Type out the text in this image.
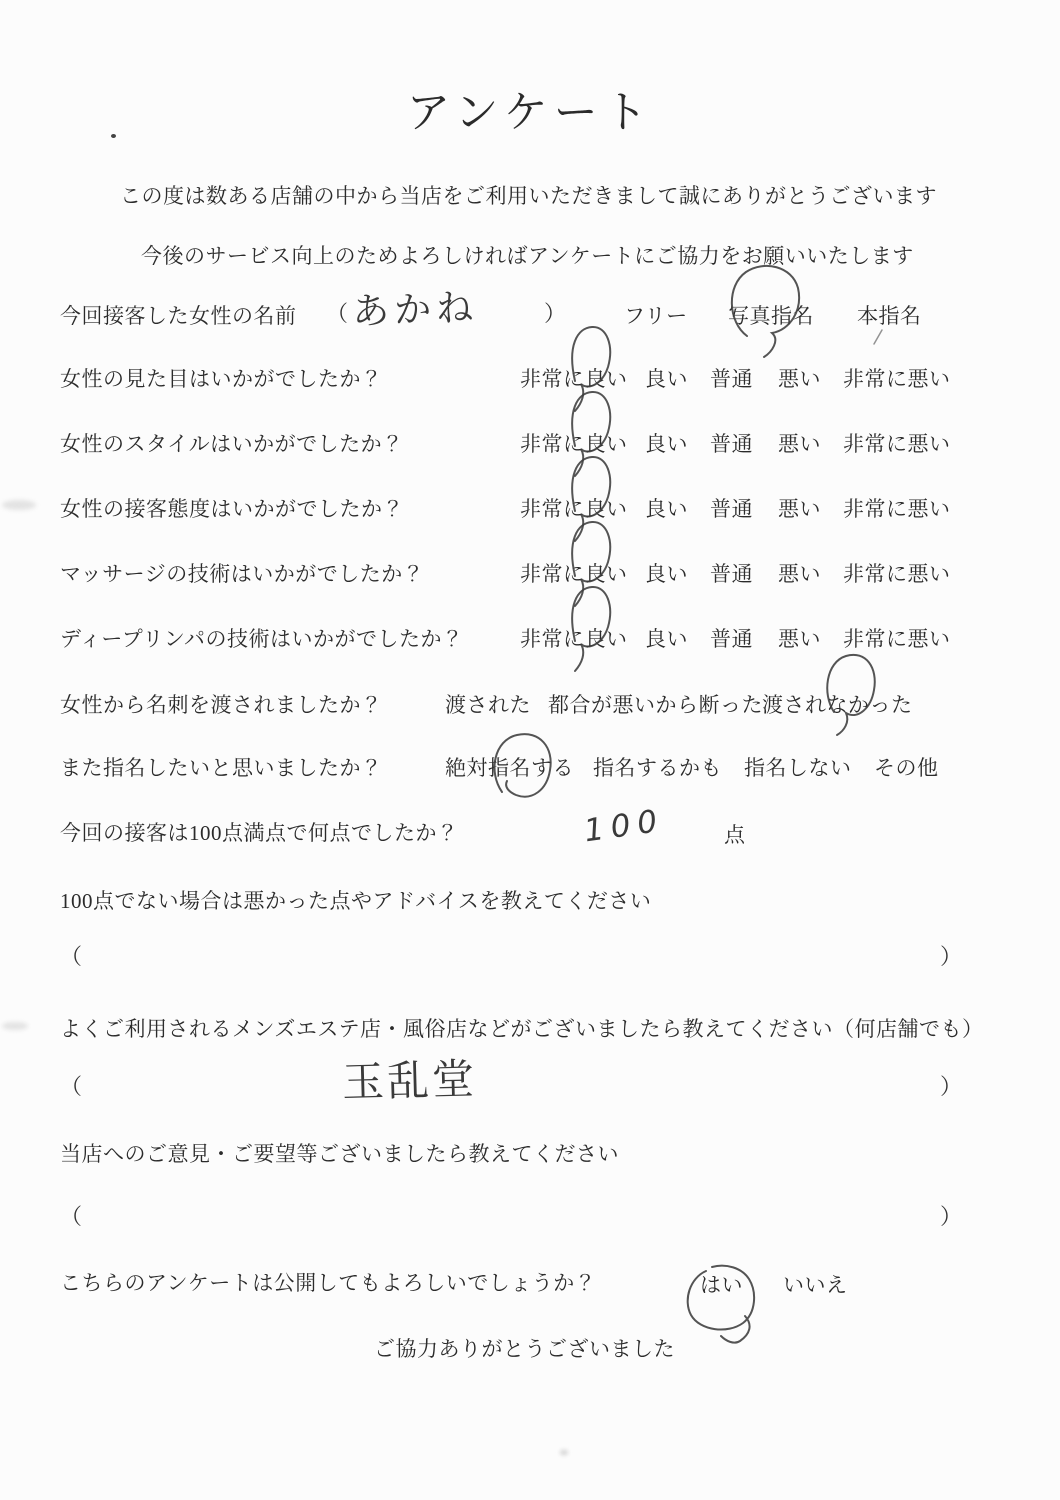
アンケート
この度は数ある店舗の中から当店をご利用いただきまして誠にありがとうございます
今後のサービス向上のためよろしければアンケートにご協力をお願いいたします
今回接客した女性の名前 （ あかね	）	フリー 写真指名 本指名
女性の見た目はいかがでしたか？	非常に良い 良い 普通 悪い 非常に悪い
女性のスタイルはいかがでしたか？	非常に良い 良い 普通 悪い 非常に悪い
女性の接客態度はいかがでしたか？	非常に良い 良い 普通 悪い 非常に悪い
マッサージの技術はいかがでしたか？	非常に良い 良い 普通 悪い 非常に悪い
ディープリンパの技術はいかがでしたか？	非常に良い 良い 普通 悪い 非常に悪い
女性から名刺を渡されましたか？	渡された 都合が悪いから断った 渡されなかった
また指名したいと思いましたか？	絶対指名する 指名するかも 指名しない その他
今回の接客は100点満点で何点でしたか？	100	点
100点でない場合は悪かった点やアドバイスを教えてください
（	）
よくご利用されるメンズエステ店・風俗店などがございましたら教えてください（何店舗でも）
（	玉乱堂	）
当店へのご意見・ご要望等ございましたら教えてください
（	）
こちらのアンケートは公開してもよろしいでしょうか？	はい いいえ
ご協力ありがとうございました
